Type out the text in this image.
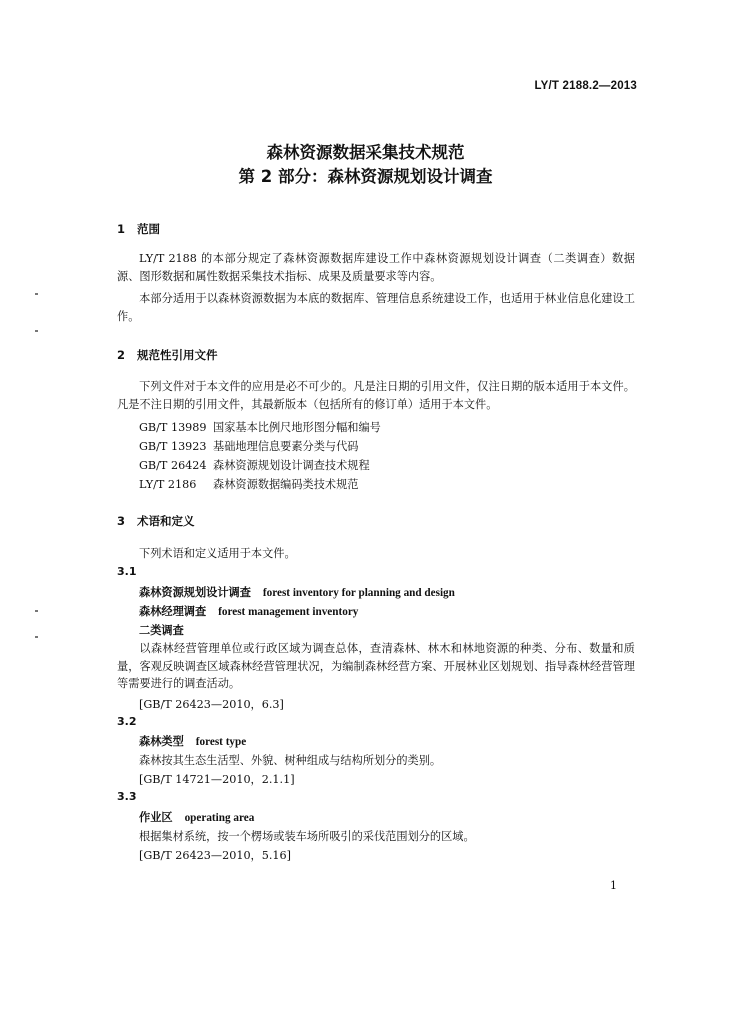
LY/T 2188.2—2013
森林资源数据采集技术规范
第 2 部分：森林资源规划设计调查
1 范围
LY/T 2188 的本部分规定了森林资源数据库建设工作中森林资源规划设计调查（二类调查）数据源、图形数据和属性数据采集技术指标、成果及质量要求等内容。
本部分适用于以森林资源数据为本底的数据库、管理信息系统建设工作，也适用于林业信息化建设工作。
2 规范性引用文件
下列文件对于本文件的应用是必不可少的。凡是注日期的引用文件，仅注日期的版本适用于本文件。凡是不注日期的引用文件，其最新版本（包括所有的修订单）适用于本文件。
GB/T 13989 国家基本比例尺地形图分幅和编号
GB/T 13923 基础地理信息要素分类与代码
GB/T 26424 森林资源规划设计调查技术规程
LY/T 2186 森林资源数据编码类技术规范
3 术语和定义
下列术语和定义适用于本文件。
3.1
森林资源规划设计调查 forest inventory for planning and design
森林经理调查 forest management inventory
二类调查
以森林经营管理单位或行政区域为调查总体，查清森林、林木和林地资源的种类、分布、数量和质量，客观反映调查区域森林经营管理状况，为编制森林经营方案、开展林业区划规划、指导森林经营管理等需要进行的调查活动。
[GB/T 26423—2010，6.3]
3.2
森林类型 forest type
森林按其生态生活型、外貌、树种组成与结构所划分的类别。
[GB/T 14721—2010，2.1.1]
3.3
作业区 operating area
根据集材系统，按一个楞场或装车场所吸引的采伐范围划分的区域。
[GB/T 26423—2010，5.16]
1
